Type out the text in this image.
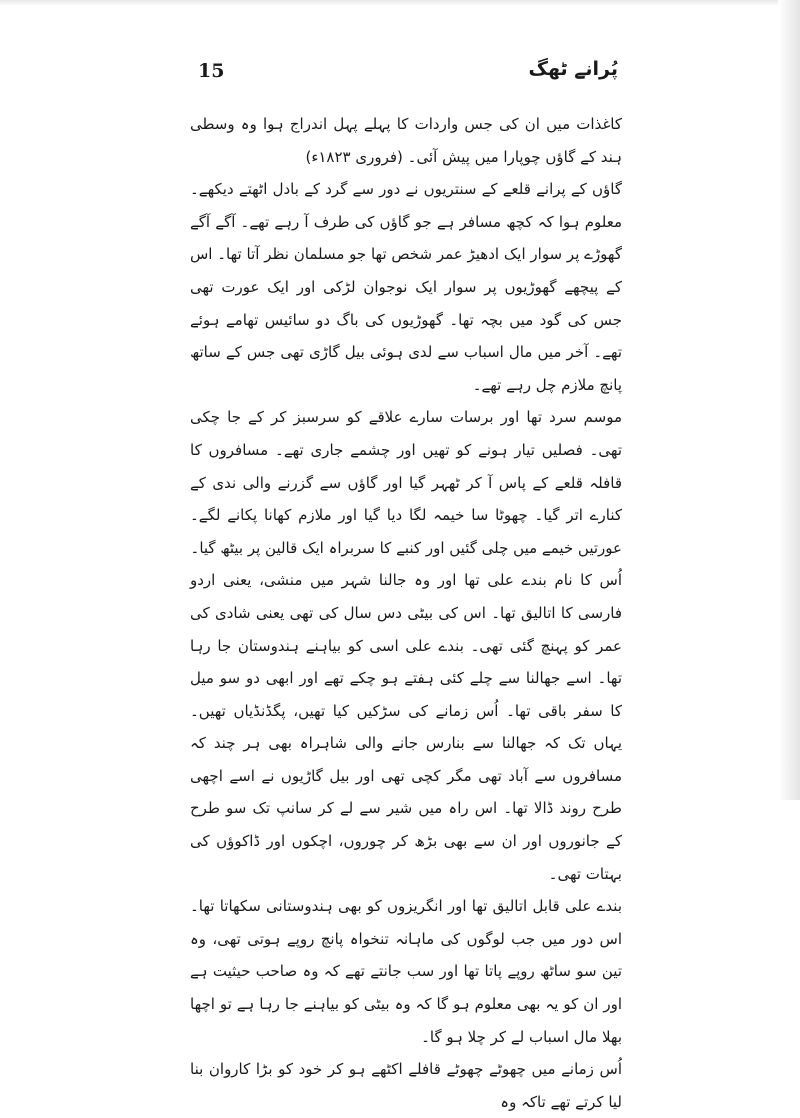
15	پُرانے ٹھگ

کاغذات میں ان کی جس واردات کا پہلے پہل اندراج ہوا وہ وسطی ہند کے گاؤں چوپارا میں پیش آئی۔ (فروری ۱۸۲۳ء)

گاؤں کے پرانے قلعے کے سنتریوں نے دور سے گرد کے بادل اٹھتے دیکھے۔ معلوم ہوا کہ کچھ مسافر ہے جو گاؤں کی طرف آ رہے تھے۔ آگے آگے گھوڑے پر سوار ایک ادھیڑ عمر شخص تھا جو مسلمان نظر آتا تھا۔ اس کے پیچھے گھوڑیوں پر سوار ایک نوجوان لڑکی اور ایک عورت تھی جس کی گود میں بچہ تھا۔ گھوڑیوں کی باگ دو سائیس تھامے ہوئے تھے۔ آخر میں مال اسباب سے لدی ہوئی بیل گاڑی تھی جس کے ساتھ پانچ ملازم چل رہے تھے۔

موسم سرد تھا اور برسات سارے علاقے کو سرسبز کر کے جا چکی تھی۔ فصلیں تیار ہونے کو تھیں اور چشمے جاری تھے۔ مسافروں کا قافلہ قلعے کے پاس آ کر ٹھہر گیا اور گاؤں سے گزرنے والی ندی کے کنارے اتر گیا۔ چھوٹا سا خیمہ لگا دیا گیا اور ملازم کھانا پکانے لگے۔ عورتیں خیمے میں چلی گئیں اور کنبے کا سربراہ ایک قالین پر بیٹھ گیا۔

اُس کا نام بندے علی تھا اور وہ جالنا شہر میں منشی، یعنی اردو فارسی کا اتالیق تھا۔ اس کی بیٹی دس سال کی تھی یعنی شادی کی عمر کو پہنچ گئی تھی۔ بندے علی اسی کو بیاہنے ہندوستان جا رہا تھا۔ اسے جھالنا سے چلے کئی ہفتے ہو چکے تھے اور ابھی دو سو میل کا سفر باقی تھا۔ اُس زمانے کی سڑکیں کیا تھیں، پگڈنڈیاں تھیں۔ یہاں تک کہ جھالنا سے بنارس جانے والی شاہراہ بھی ہر چند کہ مسافروں سے آباد تھی مگر کچی تھی اور بیل گاڑیوں نے اسے اچھی طرح روند ڈالا تھا۔ اس راہ میں شیر سے لے کر سانپ تک سو طرح کے جانوروں اور ان سے بھی بڑھ کر چوروں، اچکوں اور ڈاکوؤں کی بہتات تھی۔

بندے علی قابل اتالیق تھا اور انگریزوں کو بھی ہندوستانی سکھاتا تھا۔ اس دور میں جب لوگوں کی ماہانہ تنخواہ پانچ روپے ہوتی تھی، وہ تین سو ساٹھ روپے پاتا تھا اور سب جانتے تھے کہ وہ صاحب حیثیت ہے اور ان کو یہ بھی معلوم ہو گا کہ وہ بیٹی کو بیاہنے جا رہا ہے تو اچھا بھلا مال اسباب لے کر چلا ہو گا۔

اُس زمانے میں چھوٹے چھوٹے قافلے اکٹھے ہو کر خود کو بڑا کاروان بنا لیا کرتے تھے تاکہ وہ
